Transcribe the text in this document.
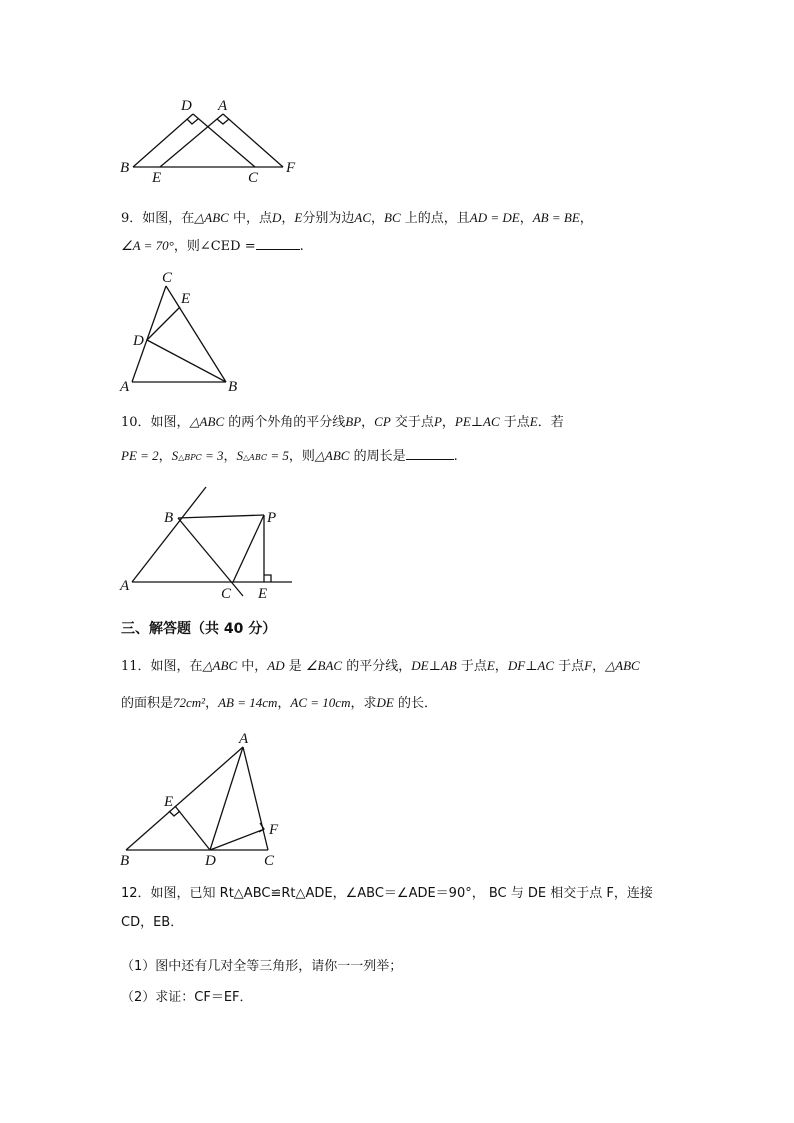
D A
B
E	C
F
9．如图，在△ABC 中，点D，E分别为边AC，BC 上的点，且AD = DE，AB = BE，
∠A = 70°，则∠CED =	.
C
E
D
A	B
10．如图，△ABC 的两个外角的平分线BP，CP 交于点P，PE⊥AC 于点E．若
PE = 2，S△BPC = 3，S△ABC = 5，则△ABC 的周长是	.
B	P
A	C E
三、解答题（共 40 分）
11．如图，在△ABC 中，AD 是 ∠BAC 的平分线，DE⊥AB 于点E，DF⊥AC 于点F，△ABC
的面积是72cm²，AB = 14cm，AC = 10cm，求DE 的长．
A
E
F
B	D	C
12．如图，已知 Rt△ABC≌Rt△ADE，∠ABC＝∠ADE＝90°， BC 与 DE 相交于点 F，连接
CD，EB．
（1）图中还有几对全等三角形，请你一一列举；
（2）求证：CF＝EF．
